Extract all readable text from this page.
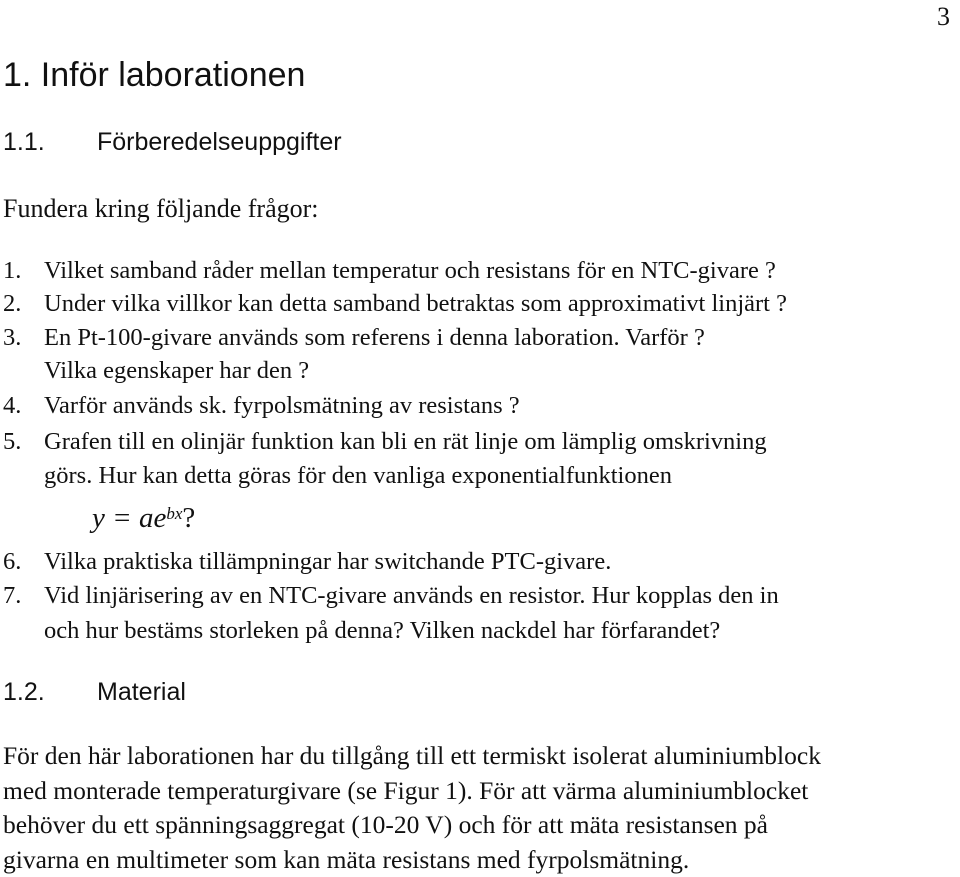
3
1. Inför laborationen
1.1. Förberedelseuppgifter
Fundera kring följande frågor:
1. Vilket samband råder mellan temperatur och resistans för en NTC-givare ?
2. Under vilka villkor kan detta samband betraktas som approximativt linjärt ?
3. En Pt-100-givare används som referens i denna laboration. Varför ?
Vilka egenskaper har den ?
4. Varför används sk. fyrpolsmätning av resistans ?
5. Grafen till en olinjär funktion kan bli en rät linje om lämplig omskrivning
görs. Hur kan detta göras för den vanliga exponentialfunktionen
$y = ae^{bx}$?
6. Vilka praktiska tillämpningar har switchande PTC-givare.
7. Vid linjärisering av en NTC-givare används en resistor. Hur kopplas den in
och hur bestäms storleken på denna? Vilken nackdel har förfarandet?
1.2. Material
För den här laborationen har du tillgång till ett termiskt isolerat aluminiumblock
med monterade temperaturgivare (se Figur 1). För att värma aluminiumblocket
behöver du ett spänningsaggregat (10-20 V) och för att mäta resistansen på
givarna en multimeter som kan mäta resistans med fyrpolsmätning.
